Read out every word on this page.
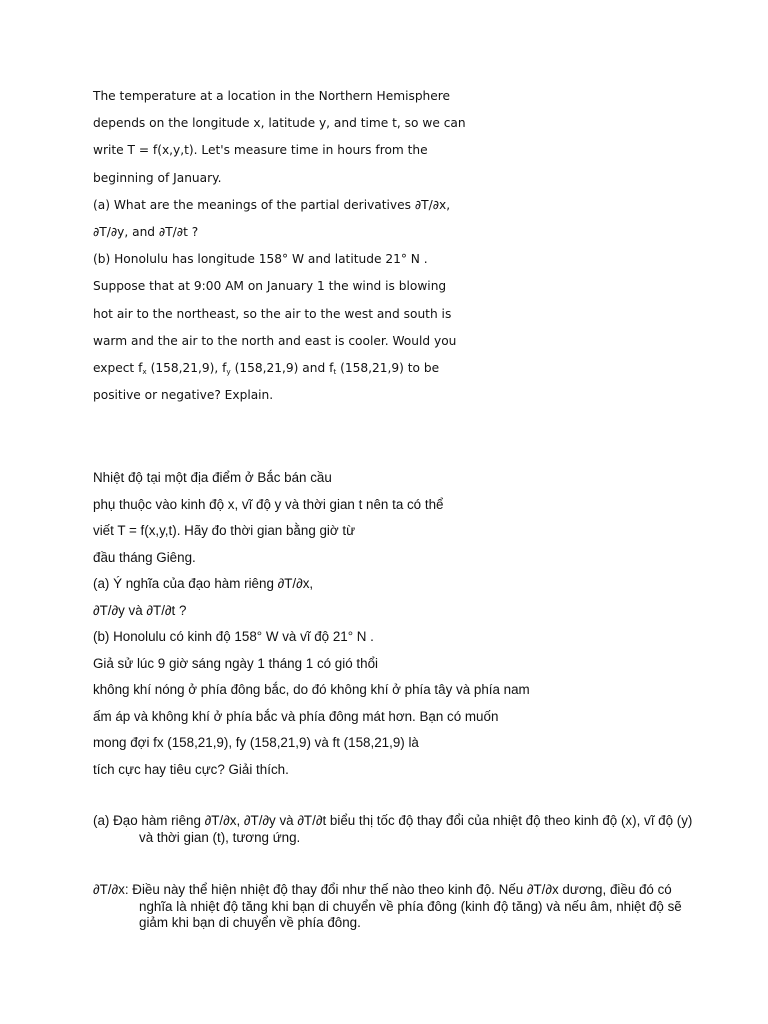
The temperature at a location in the Northern Hemisphere

depends on the longitude x, latitude y, and time t, so we can

write T = f(x,y,t). Let's measure time in hours from the

beginning of January.

(a) What are the meanings of the partial derivatives ∂T/∂x,

∂T/∂y, and ∂T/∂t ?

(b) Honolulu has longitude 158° W and latitude 21° N .

Suppose that at 9:00 AM on January 1 the wind is blowing

hot air to the northeast, so the air to the west and south is

warm and the air to the north and east is cooler. Would you

expect $f_x$ (158,21,9), $f_y$ (158,21,9) and $f_t$ (158,21,9) to be

positive or negative? Explain.

Nhiệt độ tại một địa điểm ở Bắc bán cầu

phụ thuộc vào kinh độ x, vĩ độ y và thời gian t nên ta có thể

viết T = f(x,y,t). Hãy đo thời gian bằng giờ từ

đầu tháng Giêng.

(a) Ý nghĩa của đạo hàm riêng ∂T/∂x,

∂T/∂y và ∂T/∂t ?

(b) Honolulu có kinh độ 158° W và vĩ độ 21° N .

Giả sử lúc 9 giờ sáng ngày 1 tháng 1 có gió thổi

không khí nóng ở phía đông bắc, do đó không khí ở phía tây và phía nam

ấm áp và không khí ở phía bắc và phía đông mát hơn. Bạn có muốn

mong đợi fx (158,21,9), fy (158,21,9) và ft (158,21,9) là

tích cực hay tiêu cực? Giải thích.

(a) Đạo hàm riêng ∂T/∂x, ∂T/∂y và ∂T/∂t biểu thị tốc độ thay đổi của nhiệt độ theo kinh độ (x), vĩ độ (y) và thời gian (t), tương ứng.

∂T/∂x: Điều này thể hiện nhiệt độ thay đổi như thế nào theo kinh độ. Nếu ∂T/∂x dương, điều đó có nghĩa là nhiệt độ tăng khi bạn di chuyển về phía đông (kinh độ tăng) và nếu âm, nhiệt độ sẽ giảm khi bạn di chuyển về phía đông.
